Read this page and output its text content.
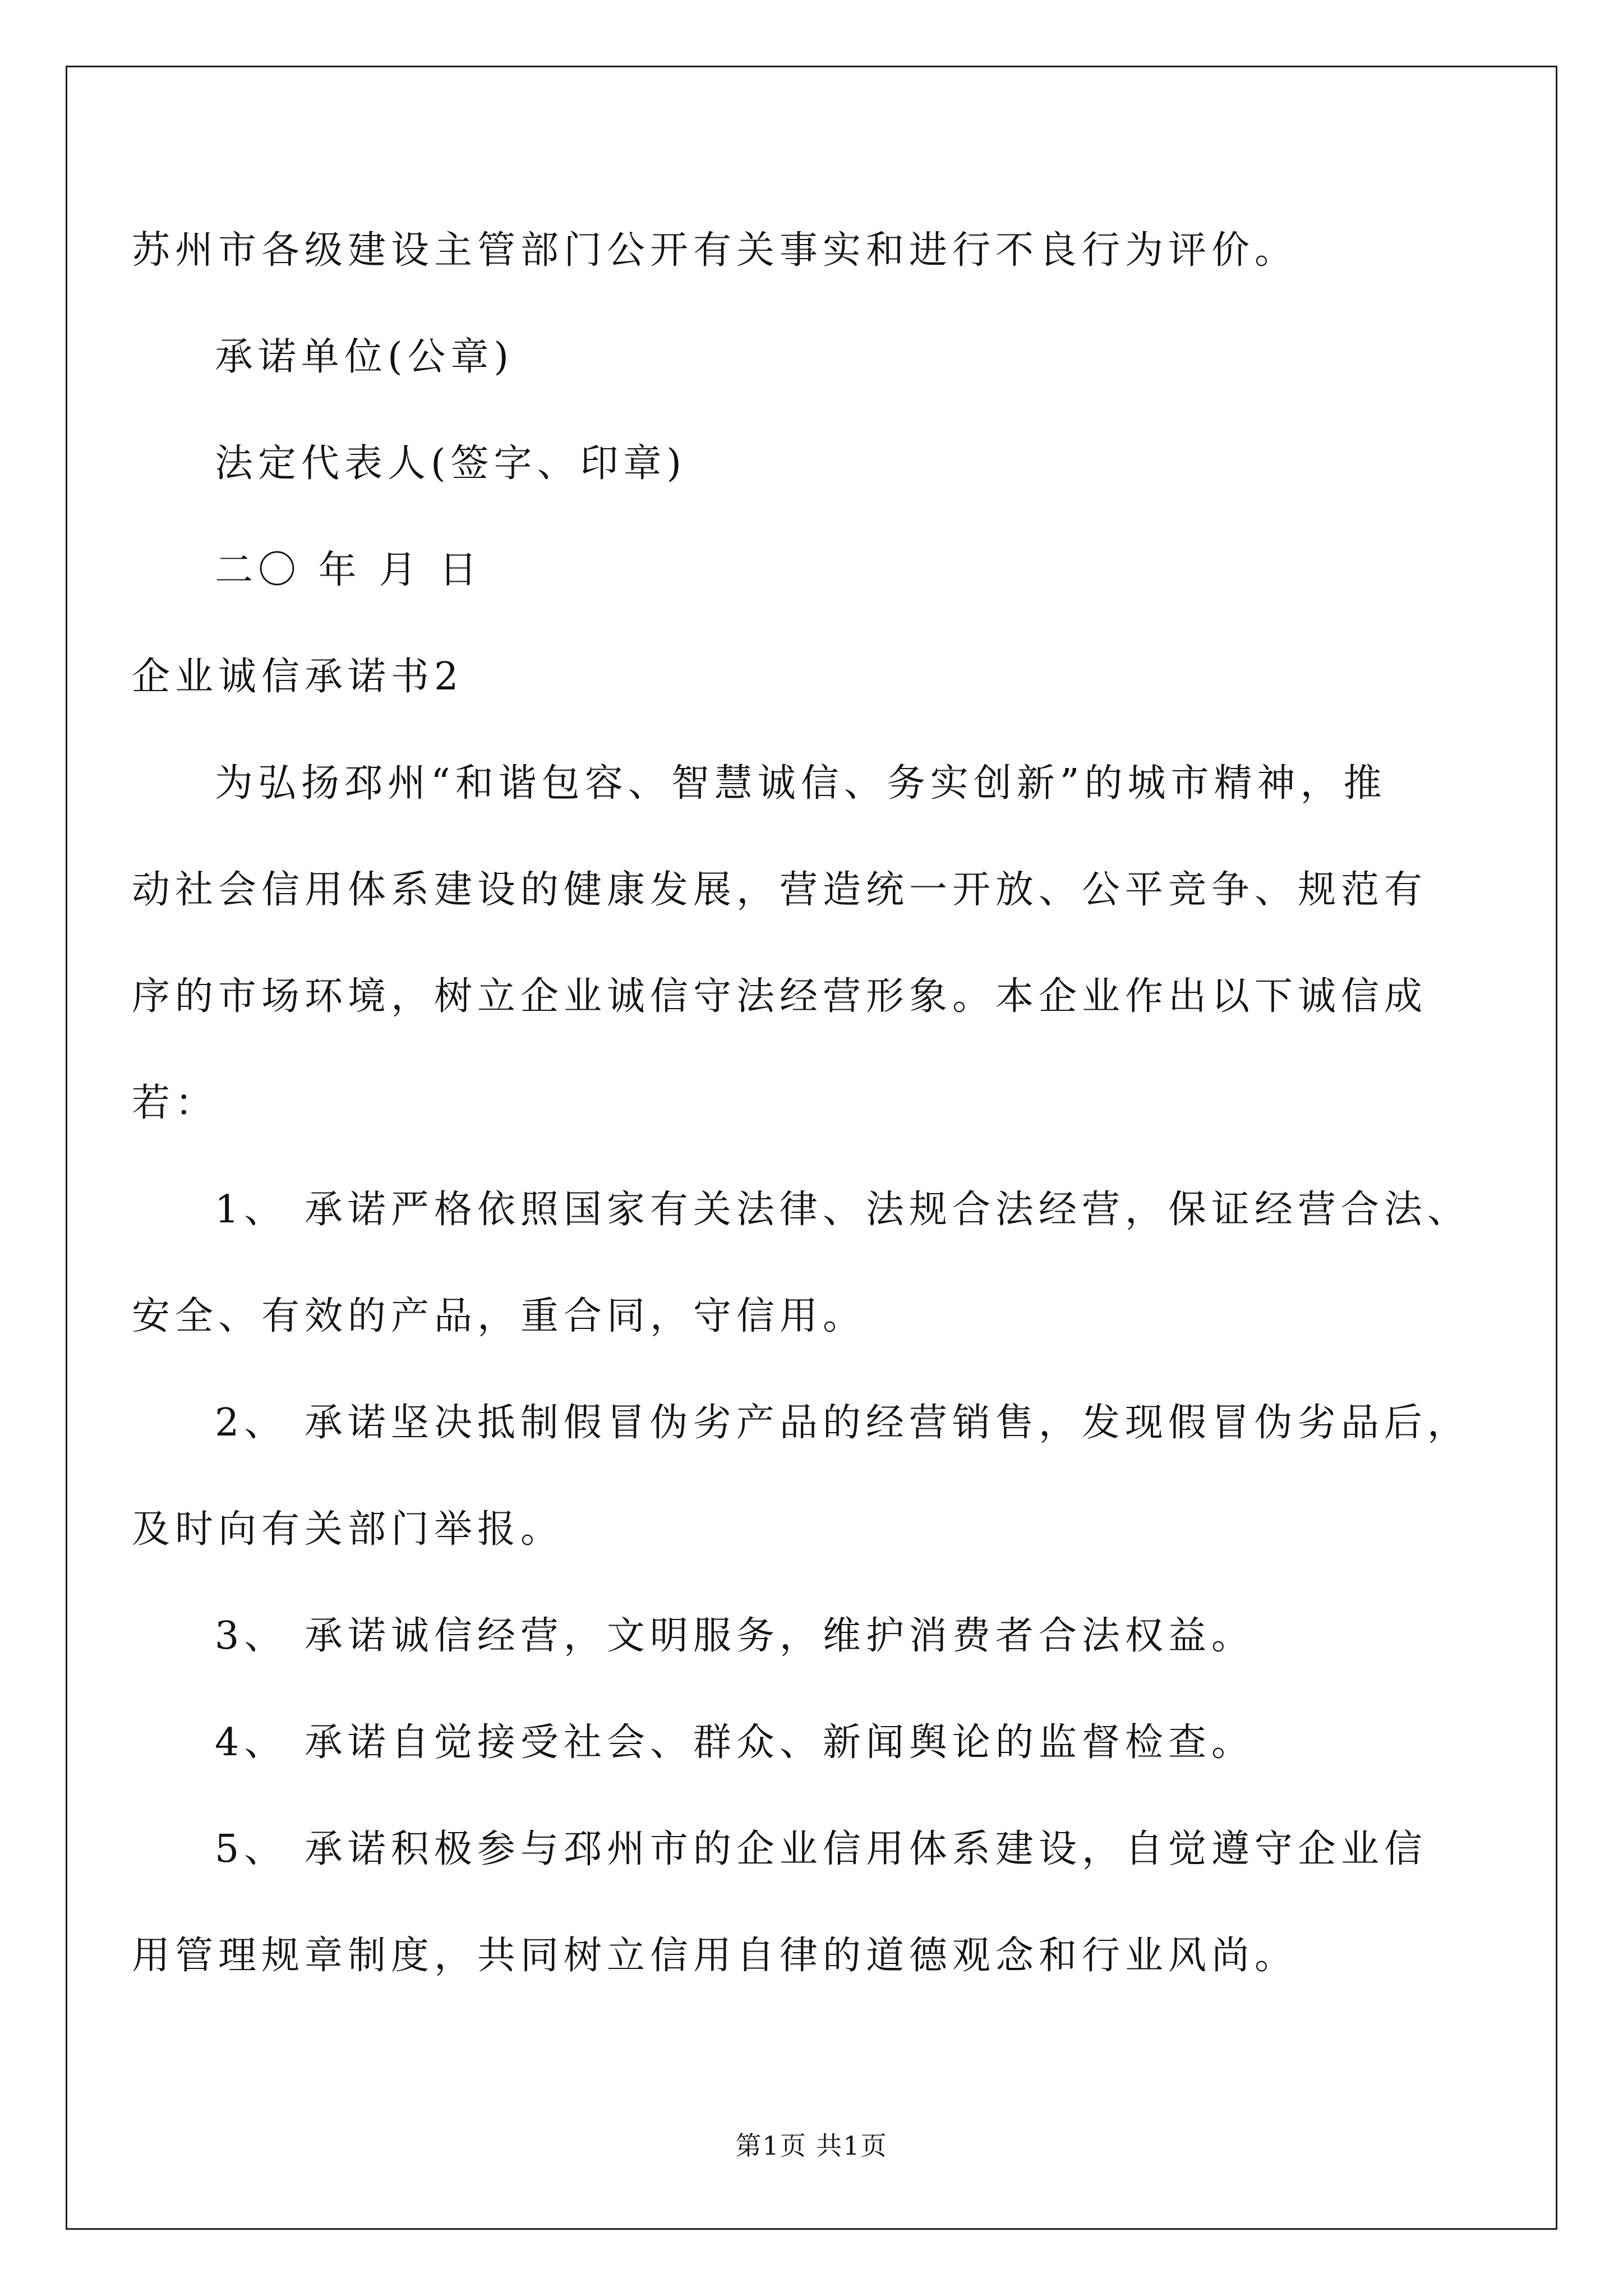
苏州市各级建设主管部门公开有关事实和进行不良行为评价。

承诺单位(公章)

法定代表人(签字、印章)

二〇 年 月 日

企业诚信承诺书2

为弘扬邳州“和谐包容、智慧诚信、务实创新”的城市精神，推

动社会信用体系建设的健康发展，营造统一开放、公平竞争、规范有

序的市场环境，树立企业诚信守法经营形象。本企业作出以下诚信成

若：

1、 承诺严格依照国家有关法律、法规合法经营，保证经营合法、

安全、有效的产品，重合同，守信用。

2、 承诺坚决抵制假冒伪劣产品的经营销售，发现假冒伪劣品后，

及时向有关部门举报。

3、 承诺诚信经营，文明服务，维护消费者合法权益。

4、 承诺自觉接受社会、群众、新闻舆论的监督检查。

5、 承诺积极参与邳州市的企业信用体系建设，自觉遵守企业信

用管理规章制度，共同树立信用自律的道德观念和行业风尚。

第1页 共1页
